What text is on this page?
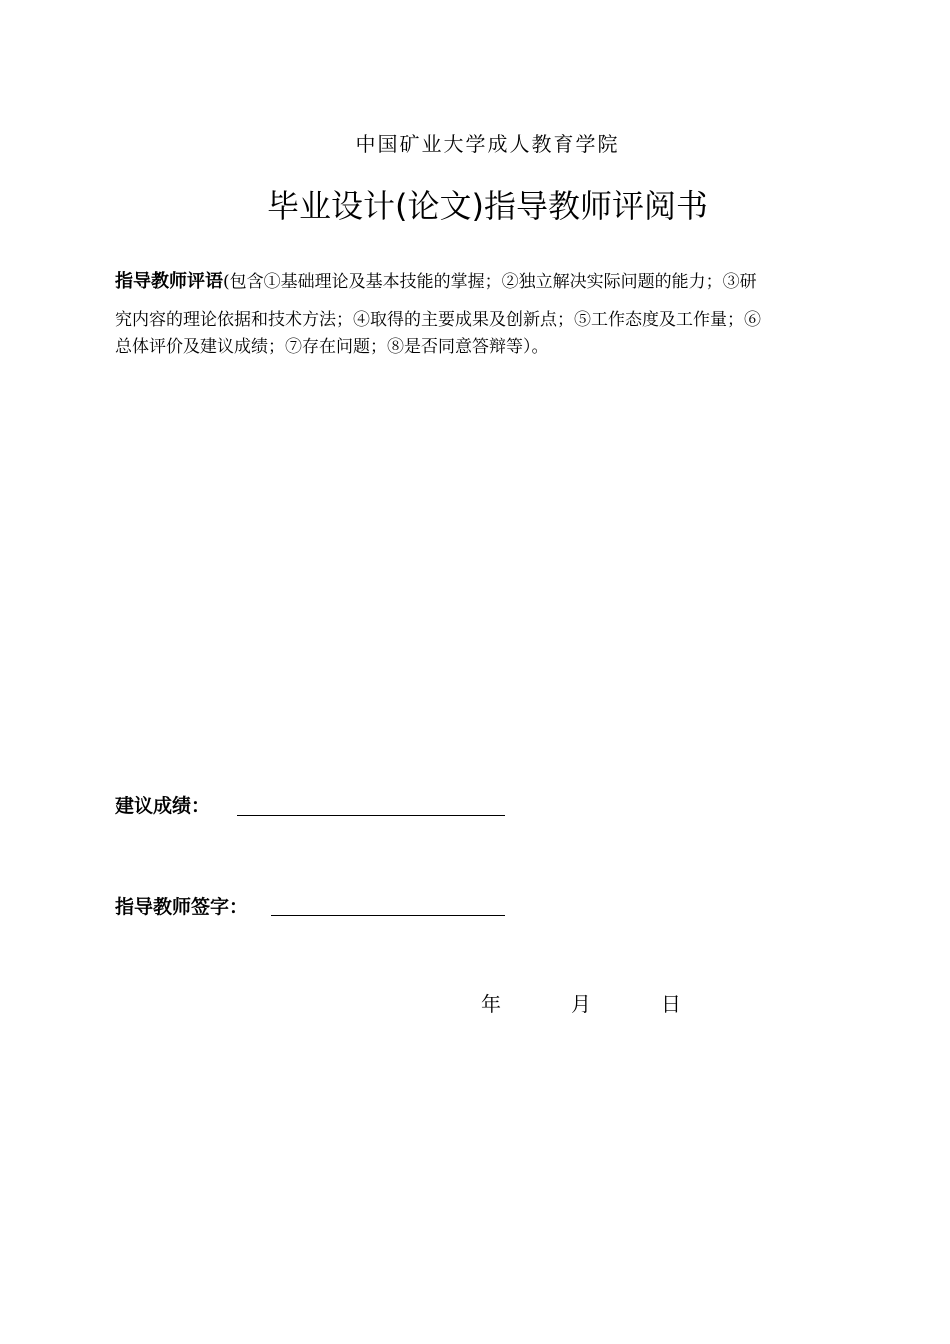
中国矿业大学成人教育学院
毕业设计(论文)指导教师评阅书
指导教师评语(包含①基础理论及基本技能的掌握；②独立解决实际问题的能力；③研
究内容的理论依据和技术方法；④取得的主要成果及创新点；⑤工作态度及工作量；⑥
总体评价及建议成绩；⑦存在问题；⑧是否同意答辩等）。
建议成绩：
指导教师签字：
年	月	日
